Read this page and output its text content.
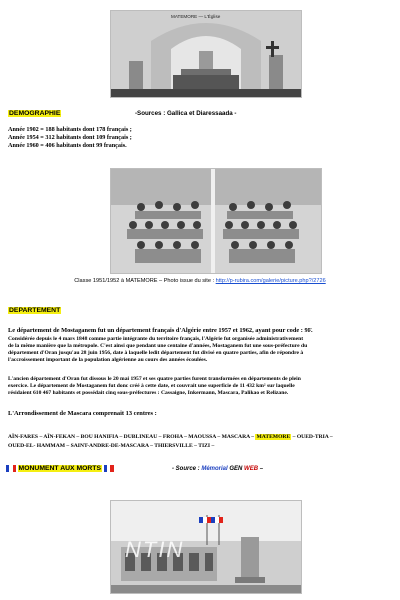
MATEMORE — L'Église
DEMOGRAPHIE	-Sources : Gallica et Diaressaada -
Année 1902 = 188 habitants dont 178 français ;
Année 1954 = 312 habitants dont 109 français ;
Année 1960 = 406 habitants dont 99 français.
Classe 1951/1952 à MATEMORE – Photo issue du site : http://p-rubira.com/galerie/picture.php?/2726
DEPARTEMENT
Le département de Mostaganem fut un département français d'Algérie entre 1957 et 1962, ayant pour code : 9F.
Considérée depuis le 4 mars 1848 comme partie intégrante du territoire français, l'Algérie fut organisée administrativement
de la même manière que la métropole. C'est ainsi que pendant une centaine d'années, Mostaganem fut une sous-préfecture du
département d'Oran jusqu'au 28 juin 1956, date à laquelle ledit département fut divisé en quatre parties, afin de répondre à
l'accroissement important de la population algérienne au cours des années écoulées.
L'ancien département d'Oran fut dissous le 20 mai 1957 et ses quatre parties furent transformées en départements de plein
exercice. Le département de Mostaganem fut donc créé à cette date, et couvrait une superficie de 11 432 km² sur laquelle
résidaient 610 467 habitants et possédait cinq sous-préfectures : Cassaigne, Inkermann, Mascara, Palikao et Relizane.
L'Arrondissement de Mascara comprenait 13 centres :
AÏN-FARES – AÏN-FEKAN – BOU HANIFIA – DUBLINEAU – FROHA – MAOUSSA – MASCARA – MATEMORE – OUED-TRIA –
OUED-EL- HAMMAM – SAINT-ANDRE-DE-MASCARA – THIERSVILLE – TIZI –
MONUMENT AUX MORTS	- Source : Mémorial GEN WEB –
NTIN
